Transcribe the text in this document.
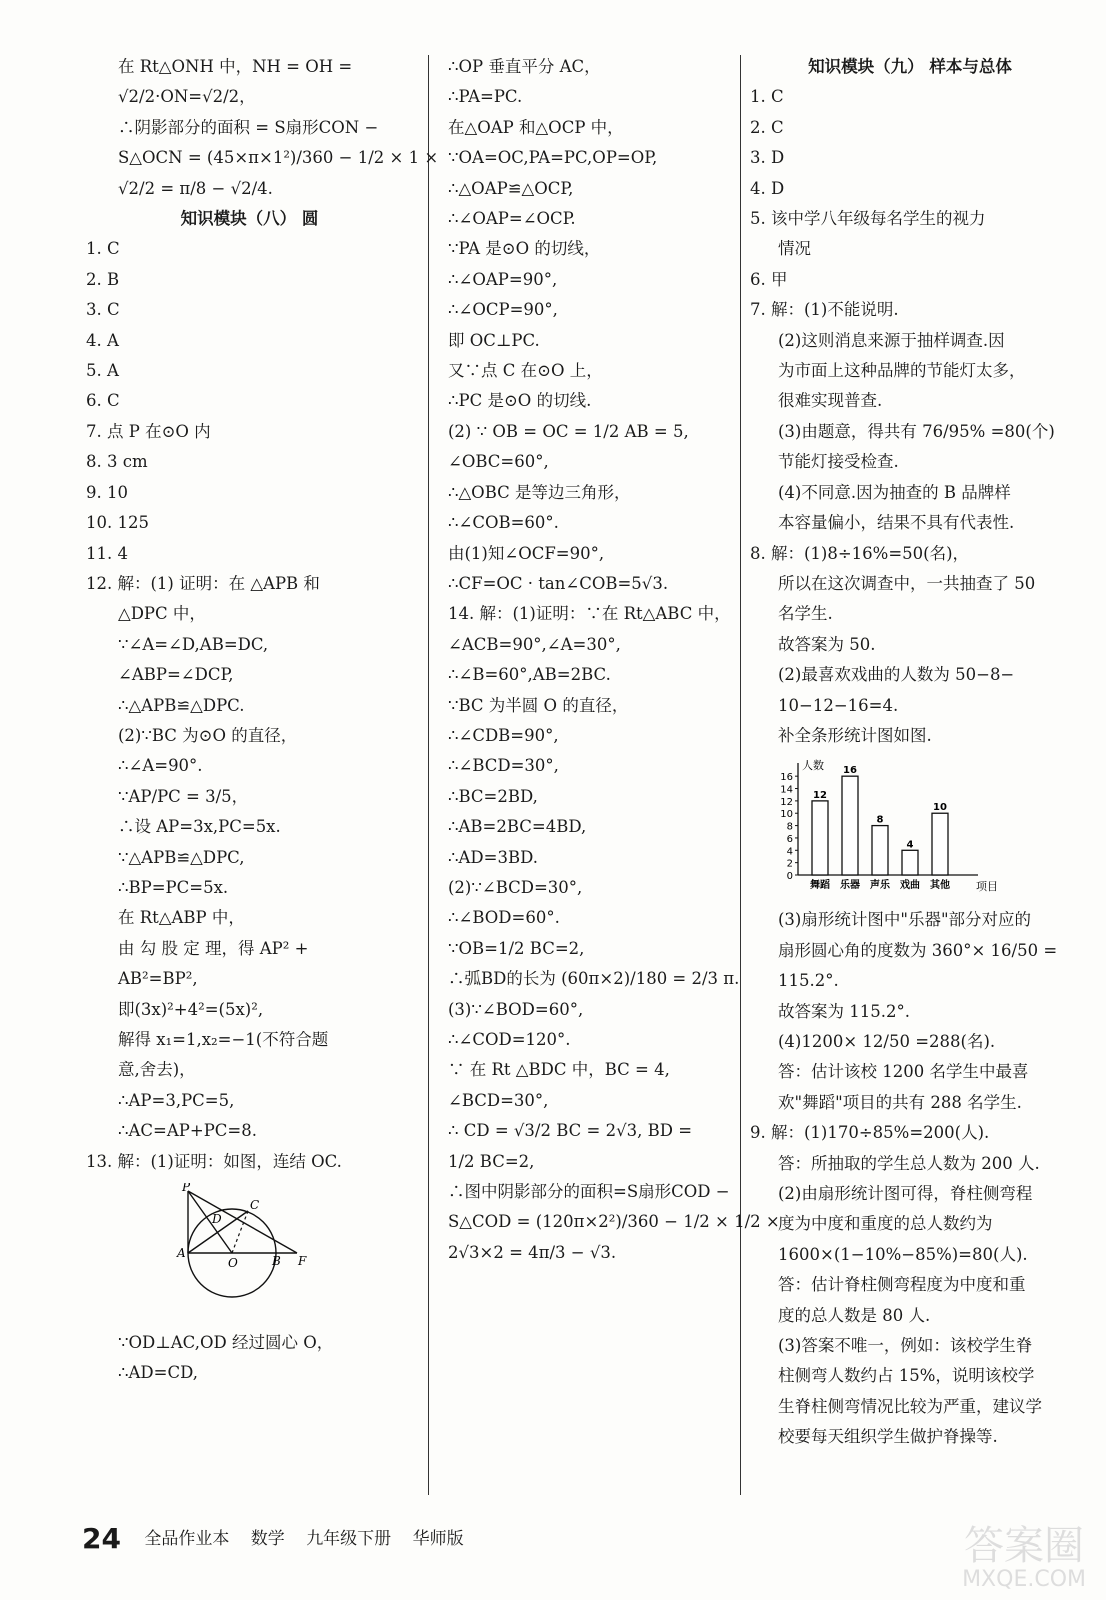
在 Rt△ONH 中，NH = OH =
√2/2·ON=√2/2，
∴阴影部分的面积 = S扇形CON −
S△OCN = (45×π×1²)/360 − 1/2 × 1 ×
√2/2 = π/8 − √2/4.
知识模块（八） 圆
1. C
2. B
3. C
4. A
5. A
6. C
7. 点 P 在⊙O 内
8. 3 cm
9. 10
10. 125
11. 4
12. 解：(1) 证明：在 △APB 和
△DPC 中，
∵∠A=∠D,AB=DC,
∠ABP=∠DCP,
∴△APB≌△DPC.
(2)∵BC 为⊙O 的直径，
∴∠A=90°.
∵AP/PC = 3/5，
∴设 AP=3x,PC=5x.
∵△APB≌△DPC,
∴BP=PC=5x.
在 Rt△ABP 中，
由 勾 股 定 理，得 AP² +
AB²=BP²,
即(3x)²+4²=(5x)²,
解得 x₁=1,x₂=−1(不符合题
意,舍去)，
∴AP=3,PC=5,
∴AC=AP+PC=8.
13. 解：(1)证明：如图，连结 OC.
P
D
C
A
O	B F
∵OD⊥AC,OD 经过圆心 O，
∴AD=CD,
∴OP 垂直平分 AC，
∴PA=PC.
在△OAP 和△OCP 中，
∵OA=OC,PA=PC,OP=OP,
∴△OAP≌△OCP,
∴∠OAP=∠OCP.
∵PA 是⊙O 的切线，
∴∠OAP=90°,
∴∠OCP=90°,
即 OC⊥PC.
又∵点 C 在⊙O 上，
∴PC 是⊙O 的切线.
(2) ∵ OB = OC = 1/2 AB = 5,
∠OBC=60°,
∴△OBC 是等边三角形，
∴∠COB=60°.
由(1)知∠OCF=90°,
∴CF=OC · tan∠COB=5√3.
14. 解：(1)证明：∵在 Rt△ABC 中，
∠ACB=90°,∠A=30°,
∴∠B=60°,AB=2BC.
∵BC 为半圆 O 的直径，
∴∠CDB=90°,
∴∠BCD=30°,
∴BC=2BD,
∴AB=2BC=4BD,
∴AD=3BD.
(2)∵∠BCD=30°,
∴∠BOD=60°.
∵OB=1/2 BC=2,
∴弧BD的长为 (60π×2)/180 = 2/3 π.
(3)∵∠BOD=60°,
∴∠COD=120°.
∵ 在 Rt △BDC 中，BC = 4,
∠BCD=30°,
∴ CD = √3/2 BC = 2√3, BD =
1/2 BC=2,
∴图中阴影部分的面积=S扇形COD −
S△COD = (120π×2²)/360 − 1/2 × 1/2 ×
2√3×2 = 4π/3 − √3.
知识模块（九） 样本与总体
1. C
2. C
3. D
4. D
5. 该中学八年级每名学生的视力
情况
6. 甲
7. 解：(1)不能说明.
(2)这则消息来源于抽样调查.因
为市面上这种品牌的节能灯太多，
很难实现普查.
(3)由题意，得共有 76/95% =80(个)
节能灯接受检查.
(4)不同意.因为抽查的 B 品牌样
本容量偏小，结果不具有代表性.
8. 解：(1)8÷16%=50(名)，
所以在这次调查中，一共抽查了 50
名学生.
故答案为 50.
(2)最喜欢戏曲的人数为 50−8−
10−12−16=4.
补全条形统计图如图.
0
2
4
6
8
10
12
14
16
人数
项目
12
舞蹈
16
乐器
8
声乐
4
戏曲
10
其他
(3)扇形统计图中"乐器"部分对应的
扇形圆心角的度数为 360°× 16/50 =
115.2°.
故答案为 115.2°.
(4)1200× 12/50 =288(名).
答：估计该校 1200 名学生中最喜
欢"舞蹈"项目的共有 288 名学生.
9. 解：(1)170÷85%=200(人).
答：所抽取的学生总人数为 200 人.
(2)由扇形统计图可得，脊柱侧弯程
度为中度和重度的总人数约为
1600×(1−10%−85%)=80(人).
答：估计脊柱侧弯程度为中度和重
度的总人数是 80 人.
(3)答案不唯一，例如：该校学生脊
柱侧弯人数约占 15%，说明该校学
生脊柱侧弯情况比较为严重，建议学
校要每天组织学生做护脊操等.
24 全品作业本 数学 九年级下册 华师版	答案圈
MXQE.COM
